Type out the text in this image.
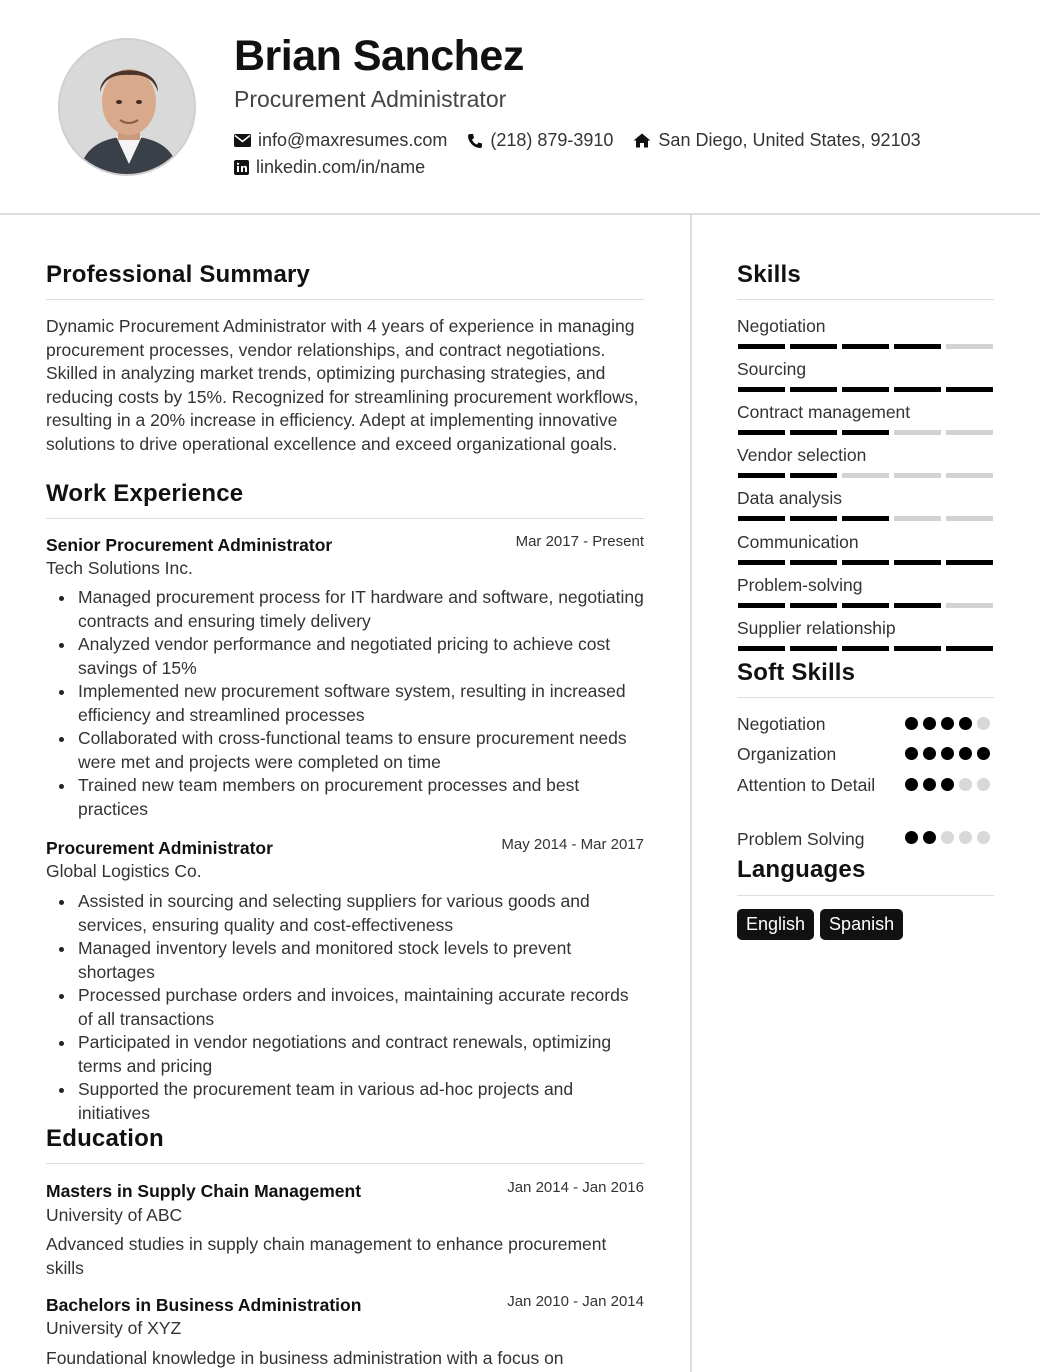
Brian Sanchez
Procurement Administrator
info@maxresumes.com (218) 879-3910	San Diego, United States, 92103
linkedin.com/in/name
Professional Summary
Dynamic Procurement Administrator with 4 years of experience in managing procurement processes, vendor relationships, and contract negotiations. Skilled in analyzing market trends, optimizing purchasing strategies, and reducing costs by 15%. Recognized for streamlining procurement workflows, resulting in a 20% increase in efficiency. Adept at implementing innovative solutions to drive operational excellence and exceed organizational goals.
Work Experience
Senior Procurement Administrator	Mar 2017 - Present
Tech Solutions Inc.
Managed procurement process for IT hardware and software, negotiating contracts and ensuring timely delivery
Analyzed vendor performance and negotiated pricing to achieve cost savings of 15%
Implemented new procurement software system, resulting in increased efficiency and streamlined processes
Collaborated with cross-functional teams to ensure procurement needs were met and projects were completed on time
Trained new team members on procurement processes and best practices
Procurement Administrator	May 2014 - Mar 2017
Global Logistics Co.
Assisted in sourcing and selecting suppliers for various goods and services, ensuring quality and cost-effectiveness
Managed inventory levels and monitored stock levels to prevent shortages
Processed purchase orders and invoices, maintaining accurate records of all transactions
Participated in vendor negotiations and contract renewals, optimizing terms and pricing
Supported the procurement team in various ad-hoc projects and initiatives
Education
Masters in Supply Chain Management	Jan 2014 - Jan 2016
University of ABC
Advanced studies in supply chain management to enhance procurement skills
Bachelors in Business Administration	Jan 2010 - Jan 2014
University of XYZ
Foundational knowledge in business administration with a focus on
Skills
Negotiation
Sourcing
Contract management
Vendor selection
Data analysis
Communication
Problem-solving
Supplier relationship
Soft Skills
Negotiation
Organization
Attention to Detail
Problem Solving
Languages
English	Spanish
